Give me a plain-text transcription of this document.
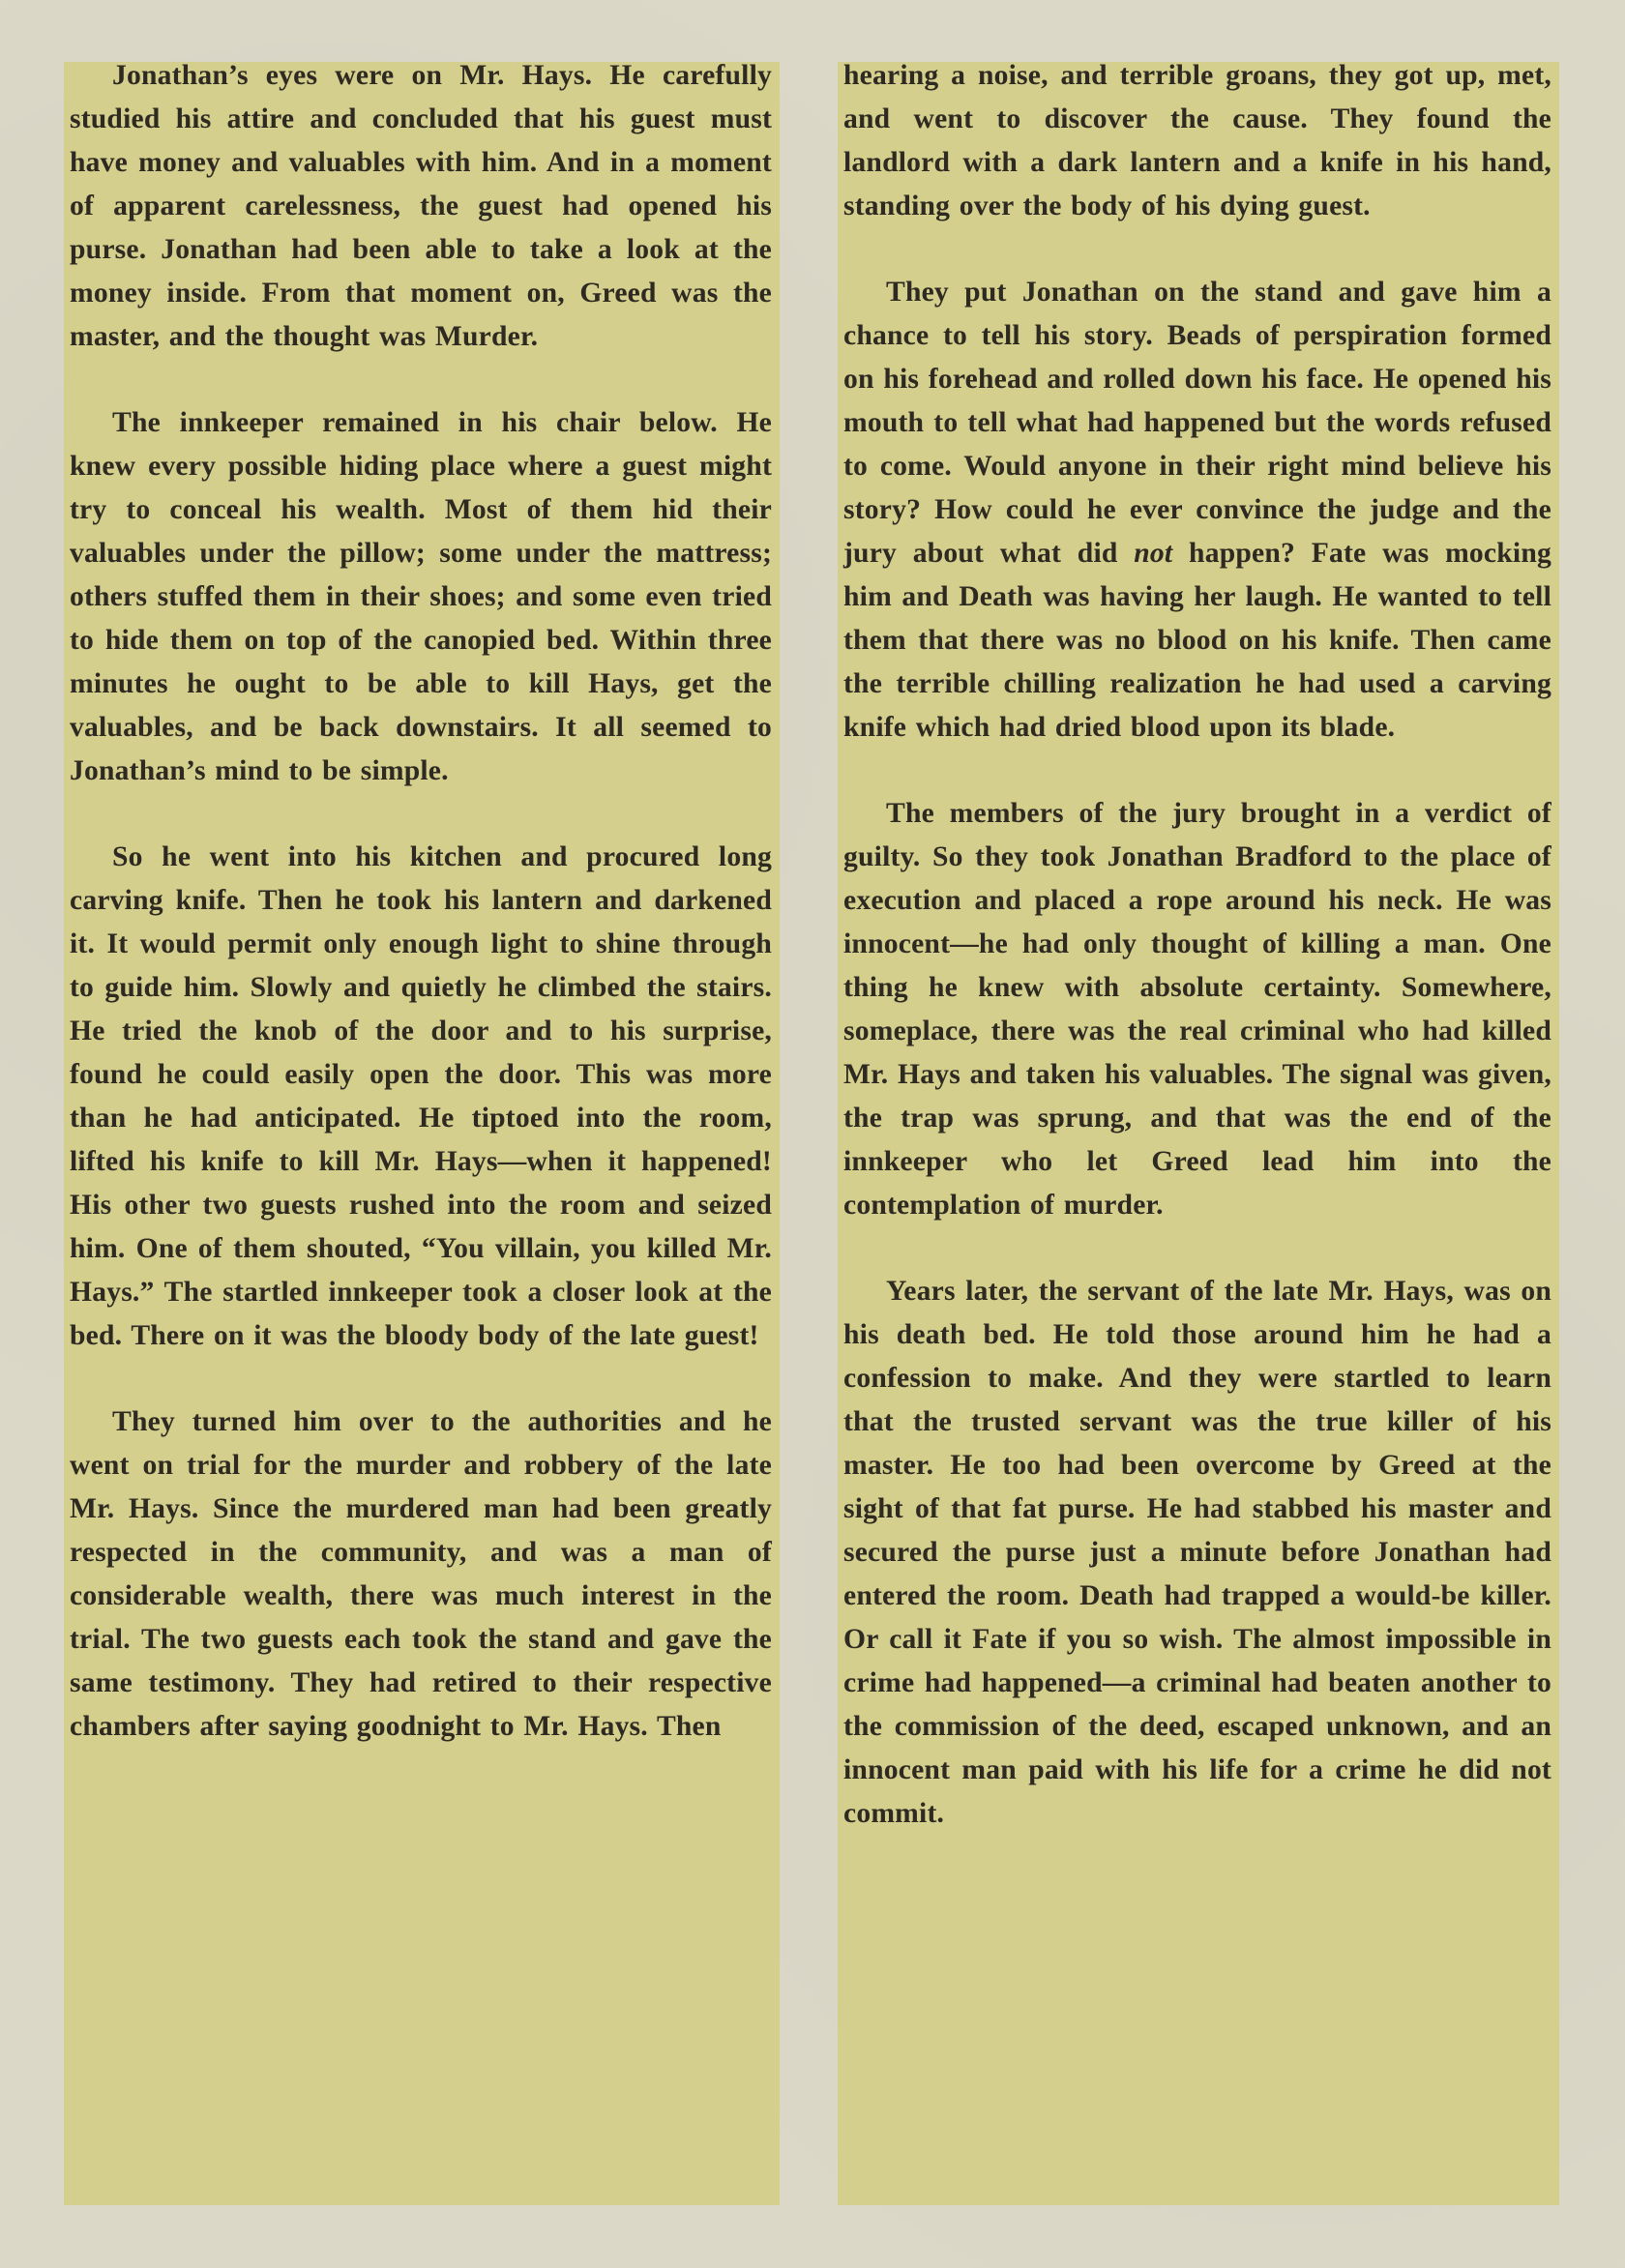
Jonathan’s eyes were on Mr. Hays. He carefully studied his attire and concluded that his guest must have money and valuables with him. And in a moment of apparent carelessness, the guest had opened his purse. Jonathan had been able to take a look at the money inside. From that moment on, Greed was the master, and the thought was Murder.

The innkeeper remained in his chair below. He knew every possible hiding place where a guest might try to conceal his wealth. Most of them hid their valuables under the pillow; some under the mattress; others stuffed them in their shoes; and some even tried to hide them on top of the canopied bed. Within three minutes he ought to be able to kill Hays, get the valuables, and be back downstairs. It all seemed to Jonathan’s mind to be simple.

So he went into his kitchen and procured long carving knife. Then he took his lantern and darkened it. It would permit only enough light to shine through to guide him. Slowly and quietly he climbed the stairs. He tried the knob of the door and to his surprise, found he could easily open the door. This was more than he had anticipated. He tiptoed into the room, lifted his knife to kill Mr. Hays—when it happened! His other two guests rushed into the room and seized him. One of them shouted, “You villain, you killed Mr. Hays.” The startled innkeeper took a closer look at the bed. There on it was the bloody body of the late guest!

They turned him over to the authorities and he went on trial for the murder and robbery of the late Mr. Hays. Since the murdered man had been greatly respected in the community, and was a man of considerable wealth, there was much interest in the trial. The two guests each took the stand and gave the same testimony. They had retired to their respective chambers after saying goodnight to Mr. Hays. Then

hearing a noise, and terrible groans, they got up, met, and went to discover the cause. They found the landlord with a dark lantern and a knife in his hand, standing over the body of his dying guest.

They put Jonathan on the stand and gave him a chance to tell his story. Beads of perspiration formed on his forehead and rolled down his face. He opened his mouth to tell what had happened but the words refused to come. Would anyone in their right mind believe his story? How could he ever convince the judge and the jury about what did not happen? Fate was mocking him and Death was having her laugh. He wanted to tell them that there was no blood on his knife. Then came the terrible chilling realization he had used a carving knife which had dried blood upon its blade.

The members of the jury brought in a verdict of guilty. So they took Jonathan Bradford to the place of execution and placed a rope around his neck. He was innocent—he had only thought of killing a man. One thing he knew with absolute certainty. Somewhere, someplace, there was the real criminal who had killed Mr. Hays and taken his valuables. The signal was given, the trap was sprung, and that was the end of the innkeeper who let Greed lead him into the contemplation of murder.

Years later, the servant of the late Mr. Hays, was on his death bed. He told those around him he had a confession to make. And they were startled to learn that the trusted servant was the true killer of his master. He too had been overcome by Greed at the sight of that fat purse. He had stabbed his master and secured the purse just a minute before Jonathan had entered the room. Death had trapped a would-be killer. Or call it Fate if you so wish. The almost impossible in crime had happened—a criminal had beaten another to the commission of the deed, escaped unknown, and an innocent man paid with his life for a crime he did not commit.
